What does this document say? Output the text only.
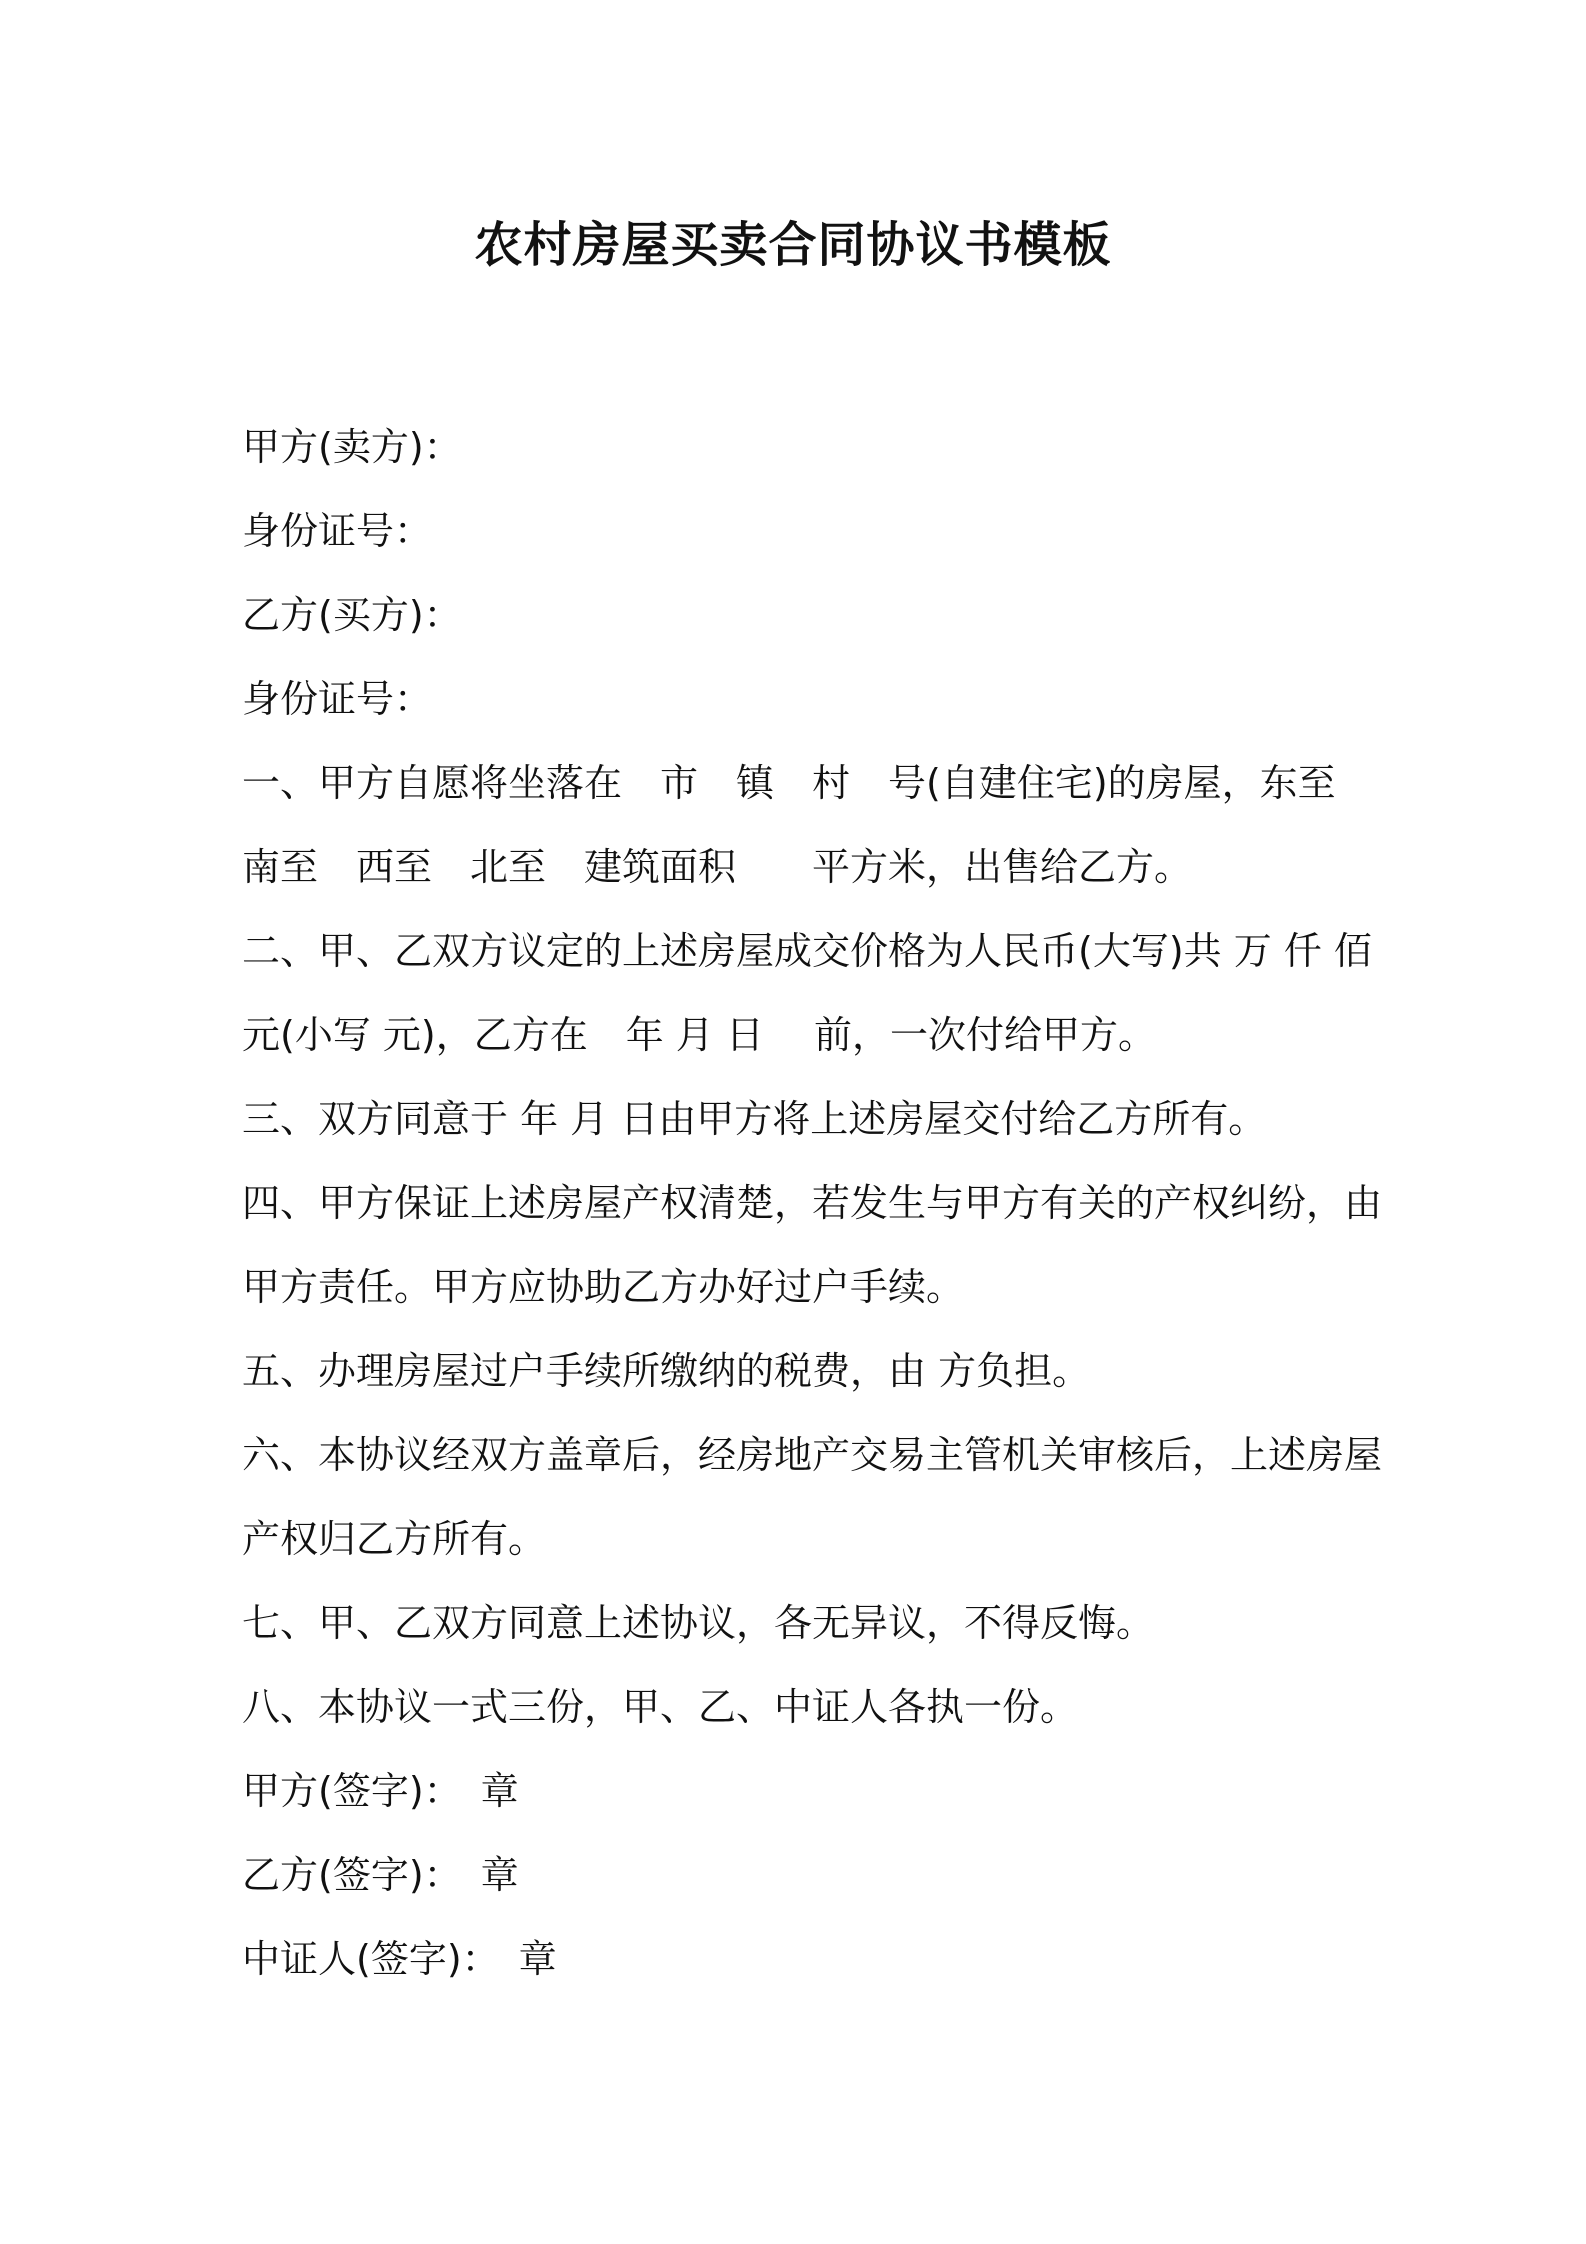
农村房屋买卖合同协议书模板
甲方(卖方)：
身份证号：
乙方(买方)：
身份证号：
一、甲方自愿将坐落在　市　镇　村　号(自建住宅)的房屋，东至
南至　西至　北至　建筑面积　　平方米，出售给乙方。
二、甲、乙双方议定的上述房屋成交价格为人民币(大写)共 万 仟 佰
元(小写 元)，乙方在　年 月 日　 前，一次付给甲方。
三、双方同意于 年 月 日由甲方将上述房屋交付给乙方所有。
四、甲方保证上述房屋产权清楚，若发生与甲方有关的产权纠纷，由
甲方责任。甲方应协助乙方办好过户手续。
五、办理房屋过户手续所缴纳的税费，由 方负担。
六、本协议经双方盖章后，经房地产交易主管机关审核后，上述房屋
产权归乙方所有。
七、甲、乙双方同意上述协议，各无异议，不得反悔。
八、本协议一式三份，甲、乙、中证人各执一份。
甲方(签字)：　章
乙方(签字)：　章
中证人(签字)：　章
